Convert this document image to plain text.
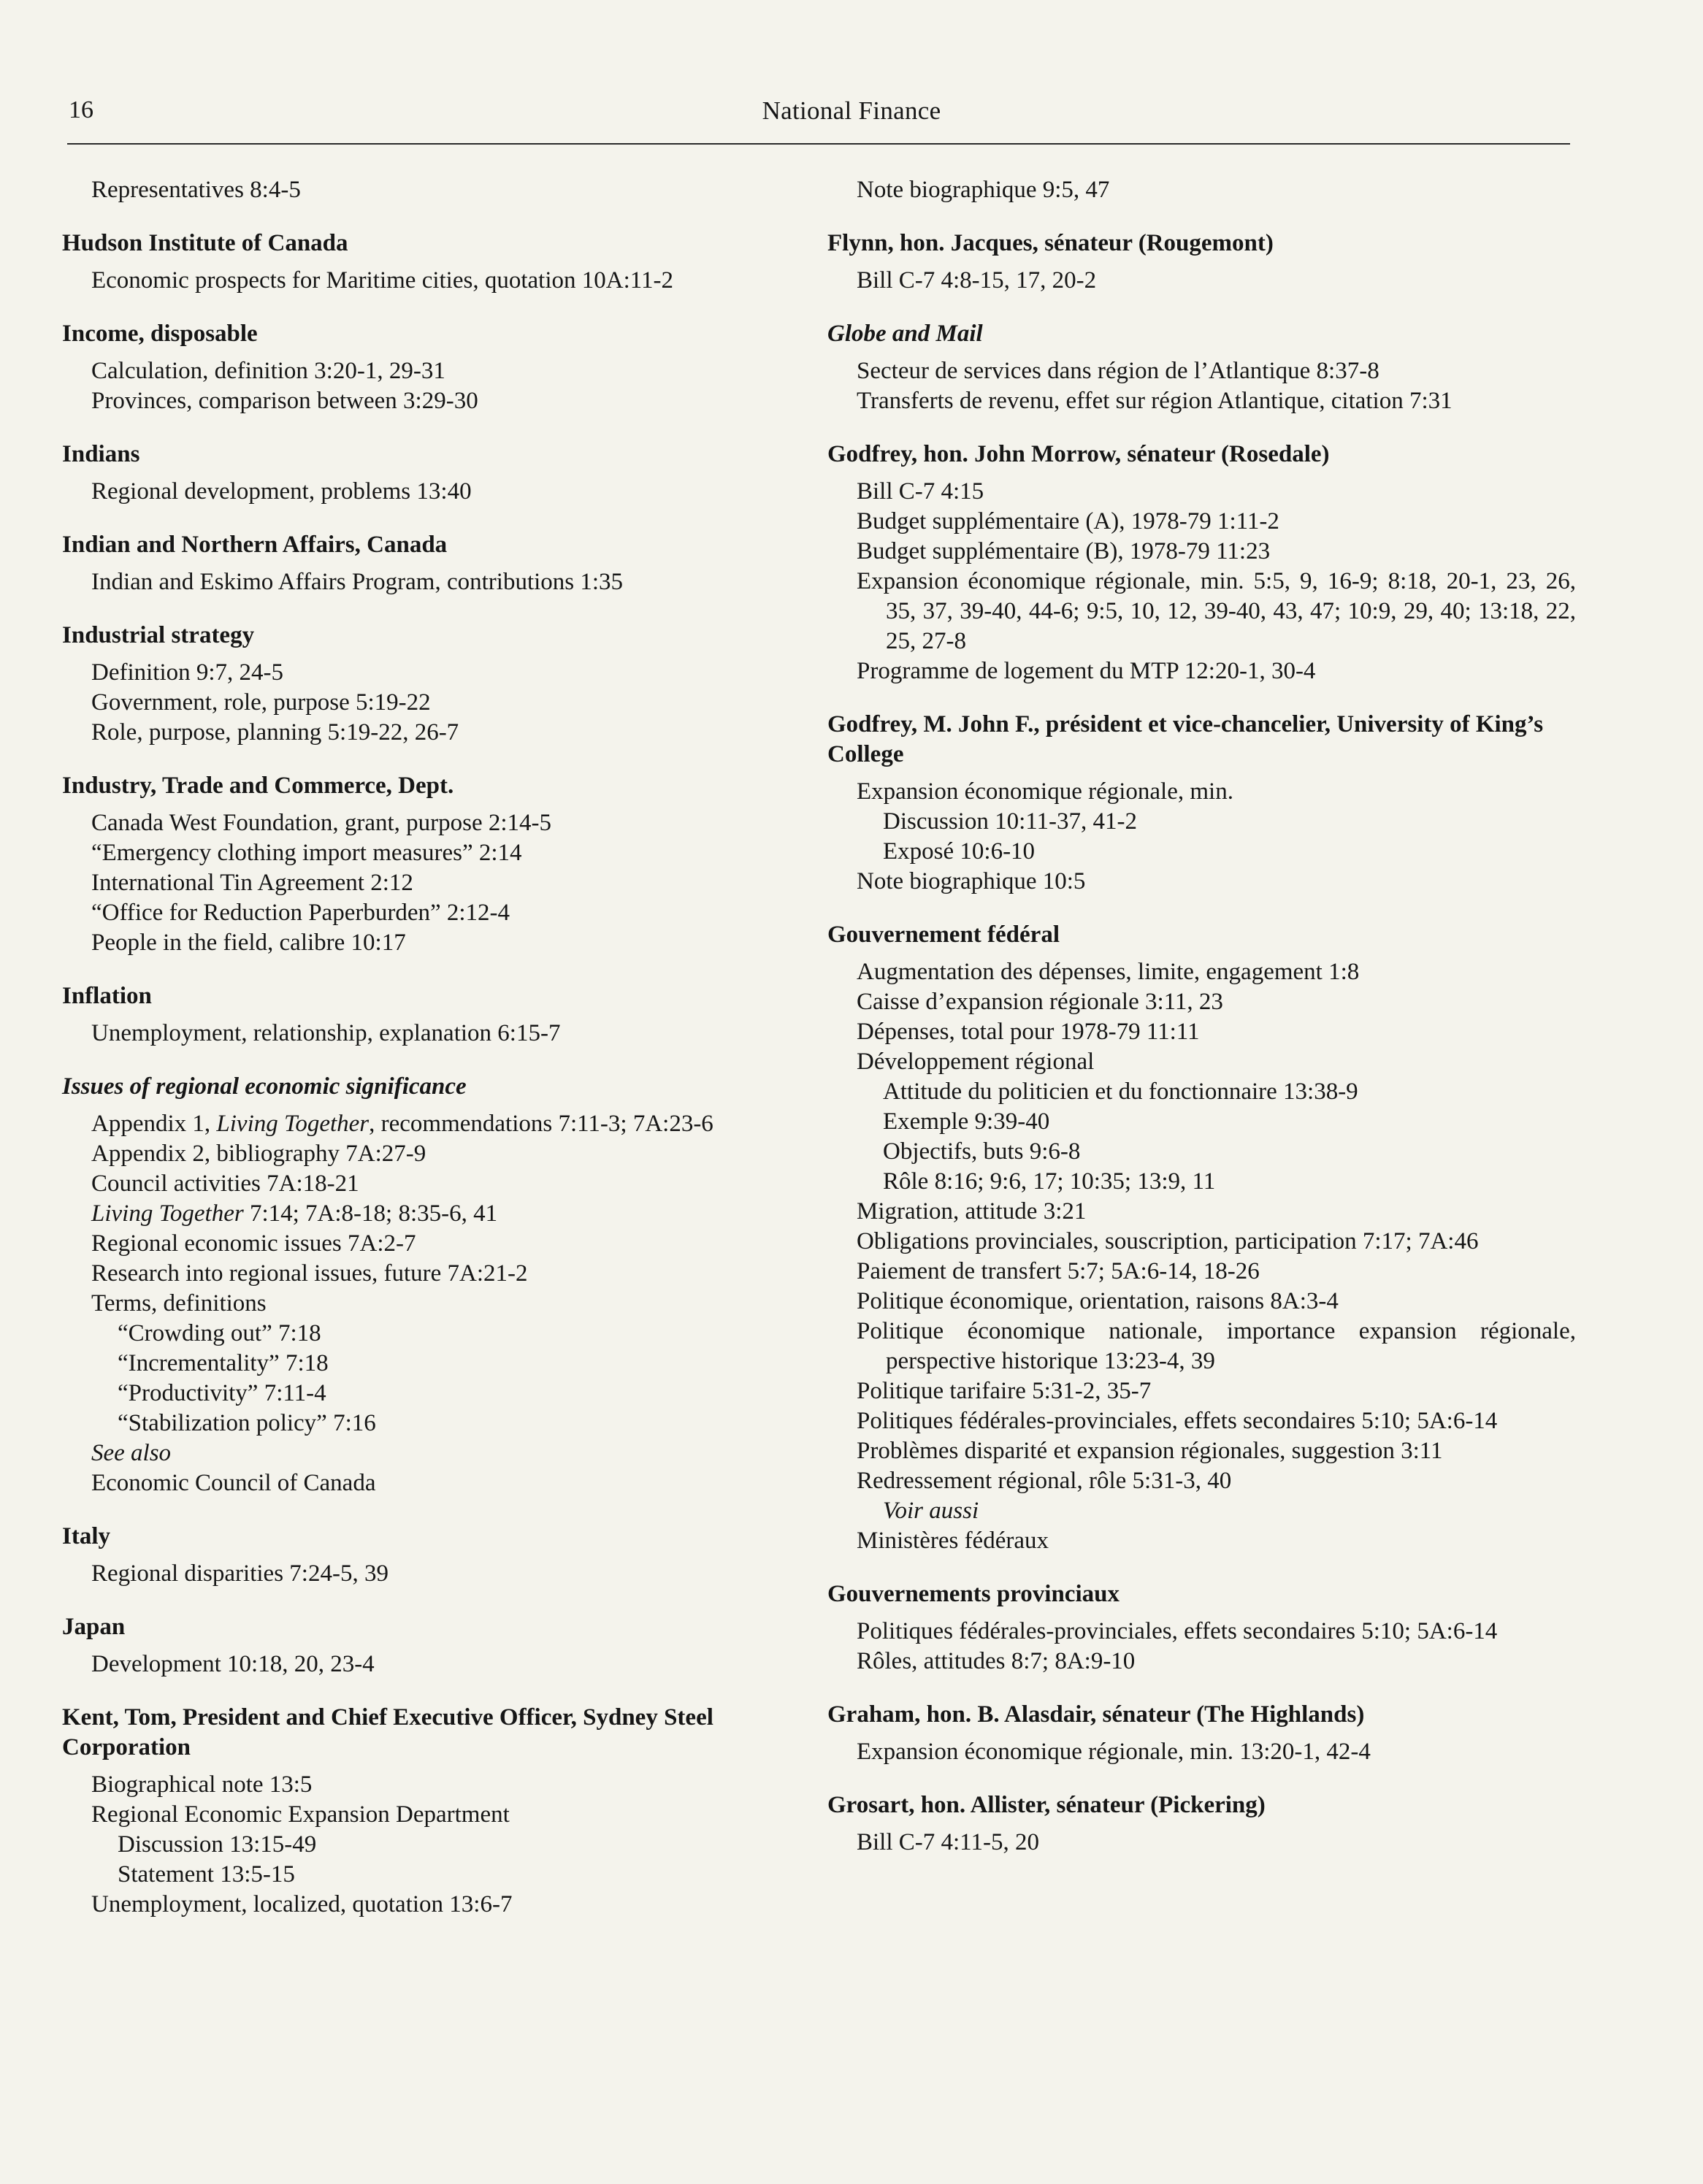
16	National Finance
Representatives 8:4-5
Hudson Institute of Canada
Economic prospects for Maritime cities, quotation 10A:11-2
Income, disposable
Calculation, definition 3:20-1, 29-31
Provinces, comparison between 3:29-30
Indians
Regional development, problems 13:40
Indian and Northern Affairs, Canada
Indian and Eskimo Affairs Program, contributions 1:35
Industrial strategy
Definition 9:7, 24-5
Government, role, purpose 5:19-22
Role, purpose, planning 5:19-22, 26-7
Industry, Trade and Commerce, Dept.
Canada West Foundation, grant, purpose 2:14-5
“Emergency clothing import measures” 2:14
International Tin Agreement 2:12
“Office for Reduction Paperburden” 2:12-4
People in the field, calibre 10:17
Inflation
Unemployment, relationship, explanation 6:15-7
Issues of regional economic significance
Appendix 1, Living Together, recommendations 7:11-3; 7A:23-6
Appendix 2, bibliography 7A:27-9
Council activities 7A:18-21
Living Together 7:14; 7A:8-18; 8:35-6, 41
Regional economic issues 7A:2-7
Research into regional issues, future 7A:21-2
Terms, definitions
“Crowding out” 7:18
“Incrementality” 7:18
“Productivity” 7:11-4
“Stabilization policy” 7:16
See also
Economic Council of Canada
Italy
Regional disparities 7:24-5, 39
Japan
Development 10:18, 20, 23-4
Kent, Tom, President and Chief Executive Officer, Sydney Steel Corporation
Biographical note 13:5
Regional Economic Expansion Department
Discussion 13:15-49
Statement 13:5-15
Unemployment, localized, quotation 13:6-7
Note biographique 9:5, 47
Flynn, hon. Jacques, sénateur (Rougemont)
Bill C-7 4:8-15, 17, 20-2
Globe and Mail
Secteur de services dans région de l’Atlantique 8:37-8
Transferts de revenu, effet sur région Atlantique, citation 7:31
Godfrey, hon. John Morrow, sénateur (Rosedale)
Bill C-7 4:15
Budget supplémentaire (A), 1978-79 1:11-2
Budget supplémentaire (B), 1978-79 11:23
Expansion économique régionale, min. 5:5, 9, 16-9; 8:18, 20-1, 23, 26, 35, 37, 39-40, 44-6; 9:5, 10, 12, 39-40, 43, 47; 10:9, 29, 40; 13:18, 22, 25, 27-8
Programme de logement du MTP 12:20-1, 30-4
Godfrey, M. John F., président et vice-chancelier, University of King’s College
Expansion économique régionale, min.
Discussion 10:11-37, 41-2
Exposé 10:6-10
Note biographique 10:5
Gouvernement fédéral
Augmentation des dépenses, limite, engagement 1:8
Caisse d’expansion régionale 3:11, 23
Dépenses, total pour 1978-79 11:11
Développement régional
Attitude du politicien et du fonctionnaire 13:38-9
Exemple 9:39-40
Objectifs, buts 9:6-8
Rôle 8:16; 9:6, 17; 10:35; 13:9, 11
Migration, attitude 3:21
Obligations provinciales, souscription, participation 7:17; 7A:46
Paiement de transfert 5:7; 5A:6-14, 18-26
Politique économique, orientation, raisons 8A:3-4
Politique économique nationale, importance expansion régionale, perspective historique 13:23-4, 39
Politique tarifaire 5:31-2, 35-7
Politiques fédérales-provinciales, effets secondaires 5:10; 5A:6-14
Problèmes disparité et expansion régionales, suggestion 3:11
Redressement régional, rôle 5:31-3, 40
Voir aussi
Ministères fédéraux
Gouvernements provinciaux
Politiques fédérales-provinciales, effets secondaires 5:10; 5A:6-14
Rôles, attitudes 8:7; 8A:9-10
Graham, hon. B. Alasdair, sénateur (The Highlands)
Expansion économique régionale, min. 13:20-1, 42-4
Grosart, hon. Allister, sénateur (Pickering)
Bill C-7 4:11-5, 20
